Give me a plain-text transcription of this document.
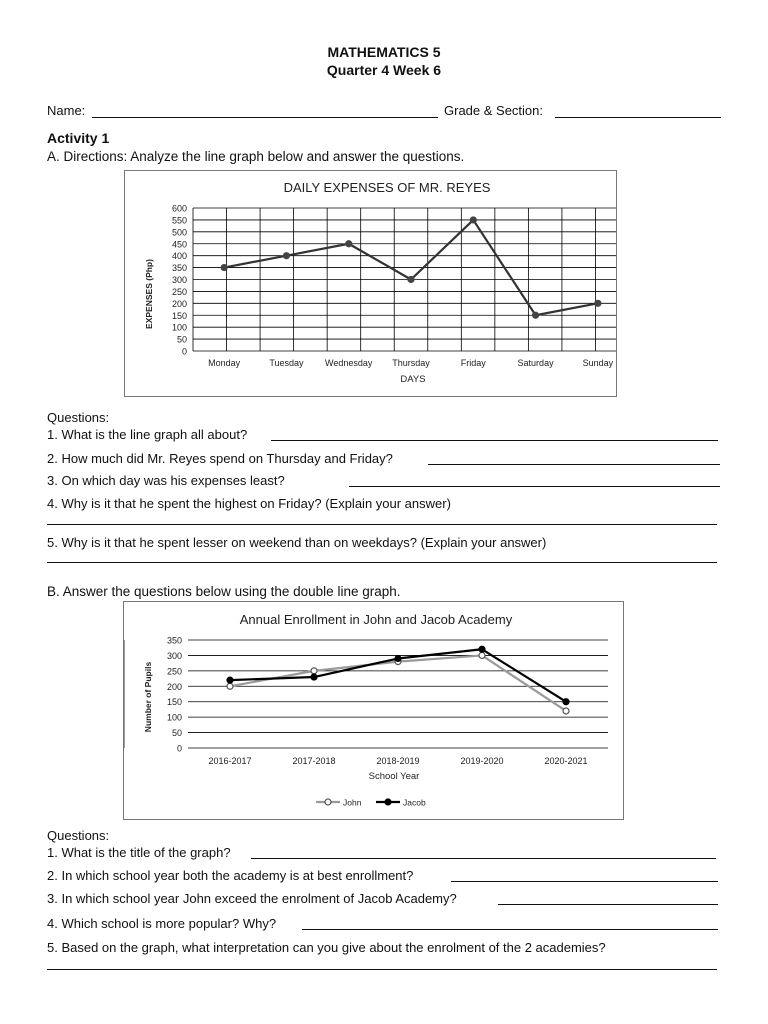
MATHEMATICS 5
Quarter 4 Week 6
Name:	Grade & Section:
Activity 1
A. Directions: Analyze the line graph below and answer the questions.
DAILY EXPENSES OF MR. REYES
EXPENSES (Php)
DAYS
0
50
100
150
200
250
300
350
400
450
500
550
600
Monday	Tuesday Wednesday Thursday	Friday	Saturday	Sunday
Questions:
1. What is the line graph all about?
2. How much did Mr. Reyes spend on Thursday and Friday?
3. On which day was his expenses least?
4. Why is it that he spent the highest on Friday? (Explain your answer)
5. Why is it that he spent lesser on weekend than on weekdays? (Explain your answer)
B. Answer the questions below using the double line graph.
Annual Enrollment in John and Jacob Academy
Number of Pupils
School Year
0
50
100
150
200
250
300
350
2016-2017	2017-2018	2018-2019	2019-2020	2020-2021
John	Jacob
Questions:
1. What is the title of the graph?
2. In which school year both the academy is at best enrollment?
3. In which school year John exceed the enrolment of Jacob Academy?
4. Which school is more popular? Why?
5. Based on the graph, what interpretation can you give about the enrolment of the 2 academies?
